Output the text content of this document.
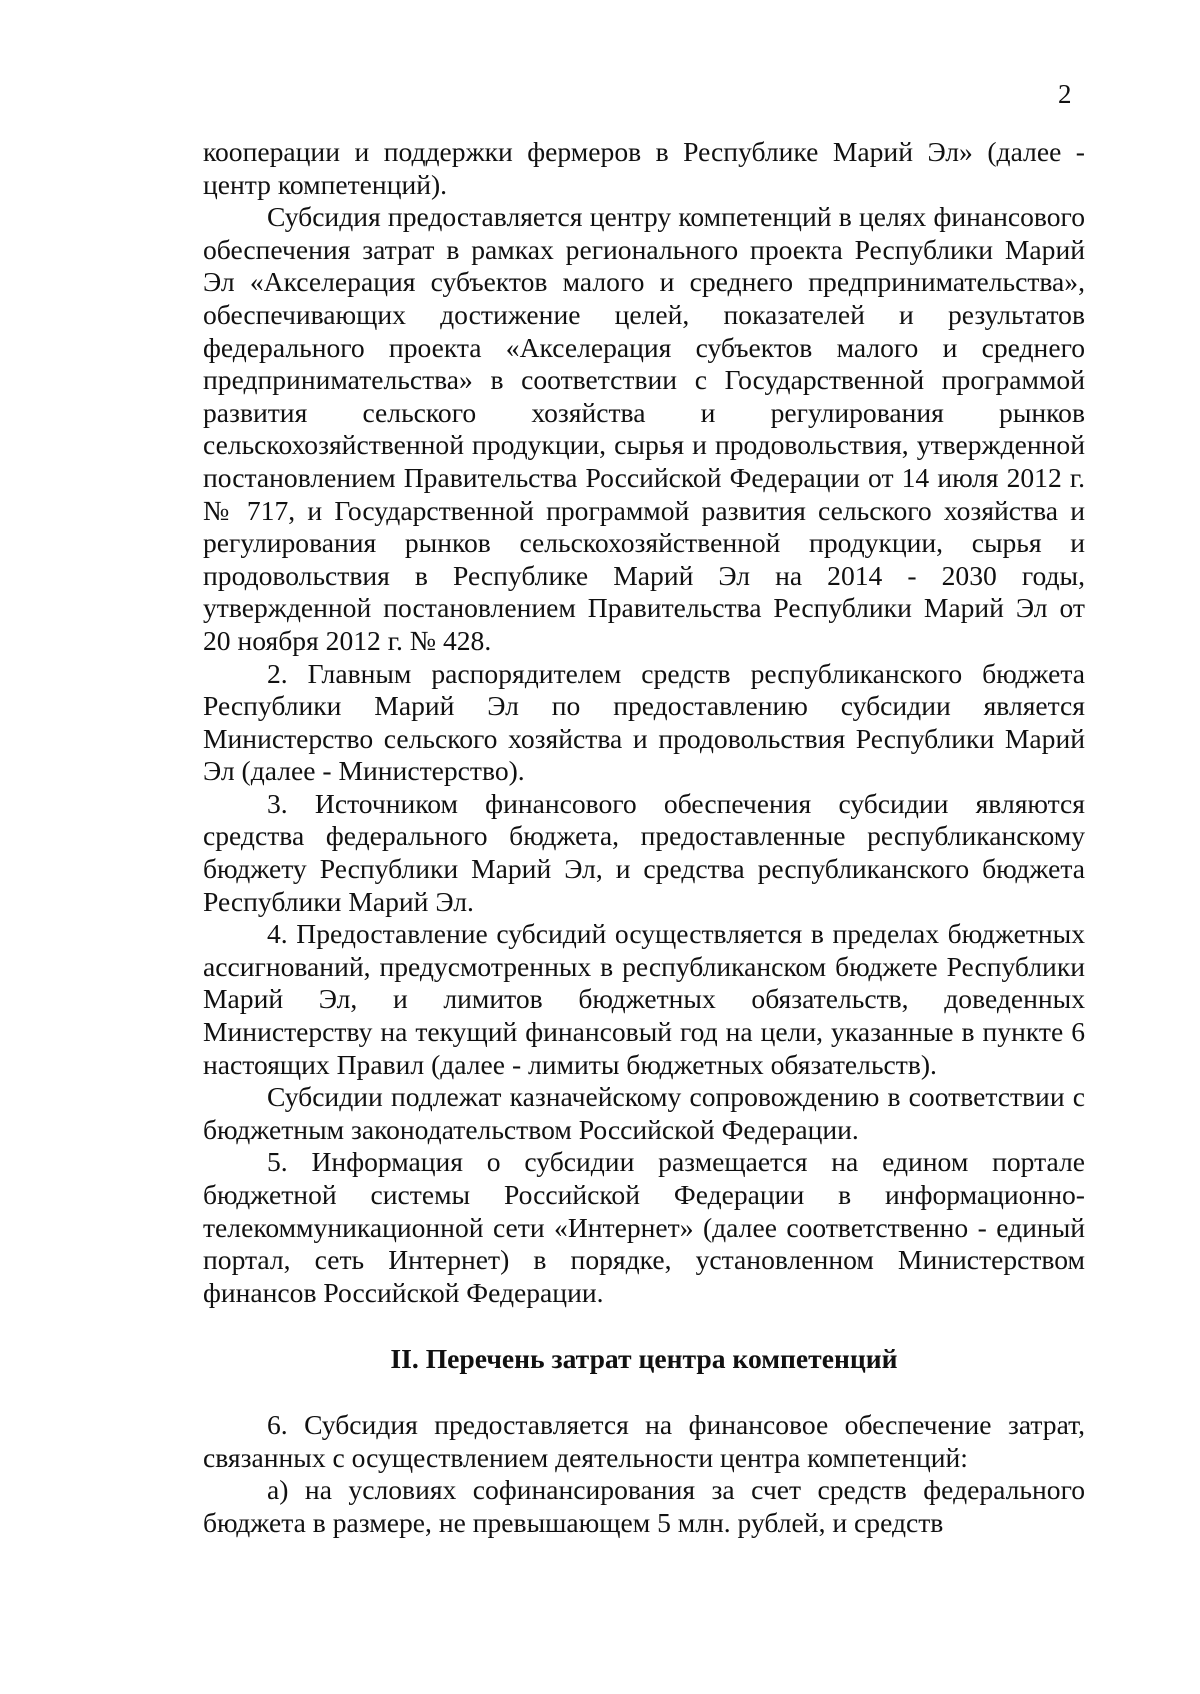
2

кооперации и поддержки фермеров в Республике Марий Эл» (далее - центр компетенций).

Субсидия предоставляется центру компетенций в целях финансового обеспечения затрат в рамках регионального проекта Республики Марий Эл «Акселерация субъектов малого и среднего предпринимательства», обеспечивающих достижение целей, показателей и результатов федерального проекта «Акселерация субъектов малого и среднего предпринимательства» в соответствии с Государственной программой развития сельского хозяйства и регулирования рынков сельскохозяйственной продукции, сырья и продовольствия, утвержденной постановлением Правительства Российской Федерации от 14 июля 2012 г. № 717, и Государственной программой развития сельского хозяйства и регулирования рынков сельскохозяйственной продукции, сырья и продовольствия в Республике Марий Эл на 2014 - 2030 годы, утвержденной постановлением Правительства Республики Марий Эл от 20 ноября 2012 г. № 428.

2. Главным распорядителем средств республиканского бюджета Республики Марий Эл по предоставлению субсидии является Министерство сельского хозяйства и продовольствия Республики Марий Эл (далее - Министерство).

3. Источником финансового обеспечения субсидии являются средства федерального бюджета, предоставленные республиканскому бюджету Республики Марий Эл, и средства республиканского бюджета Республики Марий Эл.

4. Предоставление субсидий осуществляется в пределах бюджетных ассигнований, предусмотренных в республиканском бюджете Республики Марий Эл, и лимитов бюджетных обязательств, доведенных Министерству на текущий финансовый год на цели, указанные в пункте 6 настоящих Правил (далее - лимиты бюджетных обязательств).

Субсидии подлежат казначейскому сопровождению в соответствии с бюджетным законодательством Российской Федерации.

5. Информация о субсидии размещается на едином портале бюджетной системы Российской Федерации в информационно-телекоммуникационной сети «Интернет» (далее соответственно - единый портал, сеть Интернет) в порядке, установленном Министерством финансов Российской Федерации.

II. Перечень затрат центра компетенций

6. Субсидия предоставляется на финансовое обеспечение затрат, связанных с осуществлением деятельности центра компетенций:

а) на условиях софинансирования за счет средств федерального бюджета в размере, не превышающем 5 млн. рублей, и средств
